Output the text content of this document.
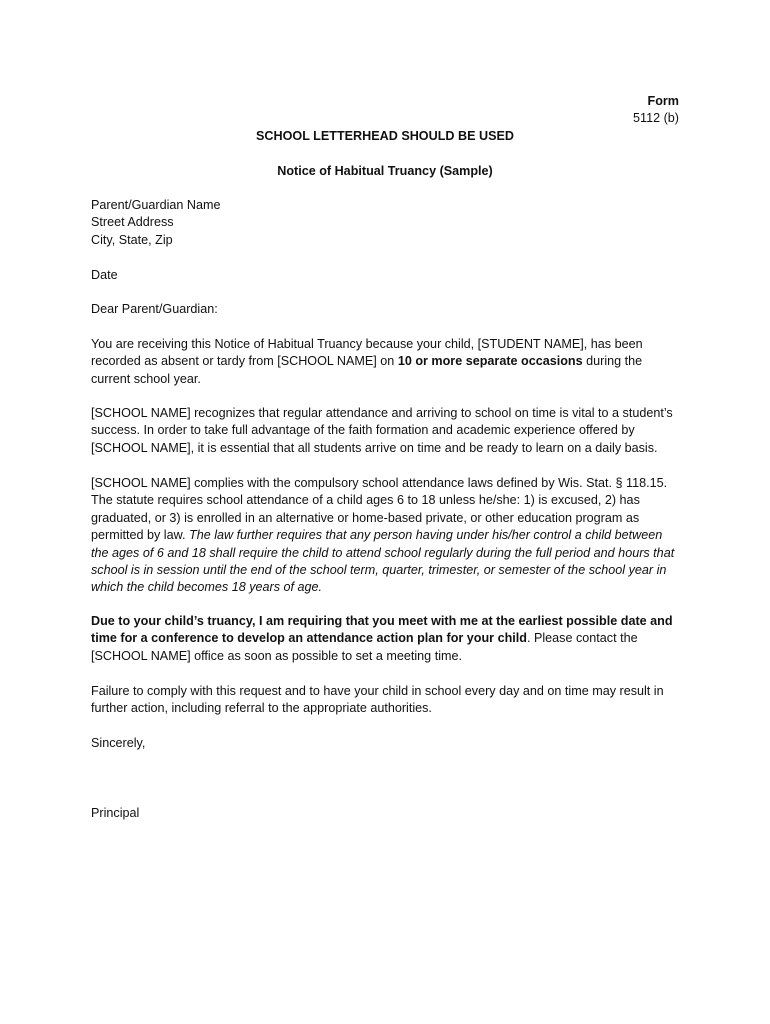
Form
5112 (b)
SCHOOL LETTERHEAD SHOULD BE USED
Notice of Habitual Truancy (Sample)

Parent/Guardian Name

Street Address

City, State, Zip

Date
Dear Parent/Guardian:
You are receiving this Notice of Habitual Truancy because your child, [STUDENT NAME], has been recorded as absent or tardy from [SCHOOL NAME] on 10 or more separate occasions during the current school year.
[SCHOOL NAME] recognizes that regular attendance and arriving to school on time is vital to a student’s success. In order to take full advantage of the faith formation and academic experience offered by [SCHOOL NAME], it is essential that all students arrive on time and be ready to learn on a daily basis.
[SCHOOL NAME] complies with the compulsory school attendance laws defined by Wis. Stat. § 118.15. The statute requires school attendance of a child ages 6 to 18 unless he/she: 1) is excused, 2) has graduated, or 3) is enrolled in an alternative or home-based private, or other education program as permitted by law. The law further requires that any person having under his/her control a child between the ages of 6 and 18 shall require the child to attend school regularly during the full period and hours that school is in session until the end of the school term, quarter, trimester, or semester of the school year in which the child becomes 18 years of age.
Due to your child’s truancy, I am requiring that you meet with me at the earliest possible date and time for a conference to develop an attendance action plan for your child. Please contact the [SCHOOL NAME] office as soon as possible to set a meeting time.
Failure to comply with this request and to have your child in school every day and on time may result in further action, including referral to the appropriate authorities.
Sincerely,
Principal
